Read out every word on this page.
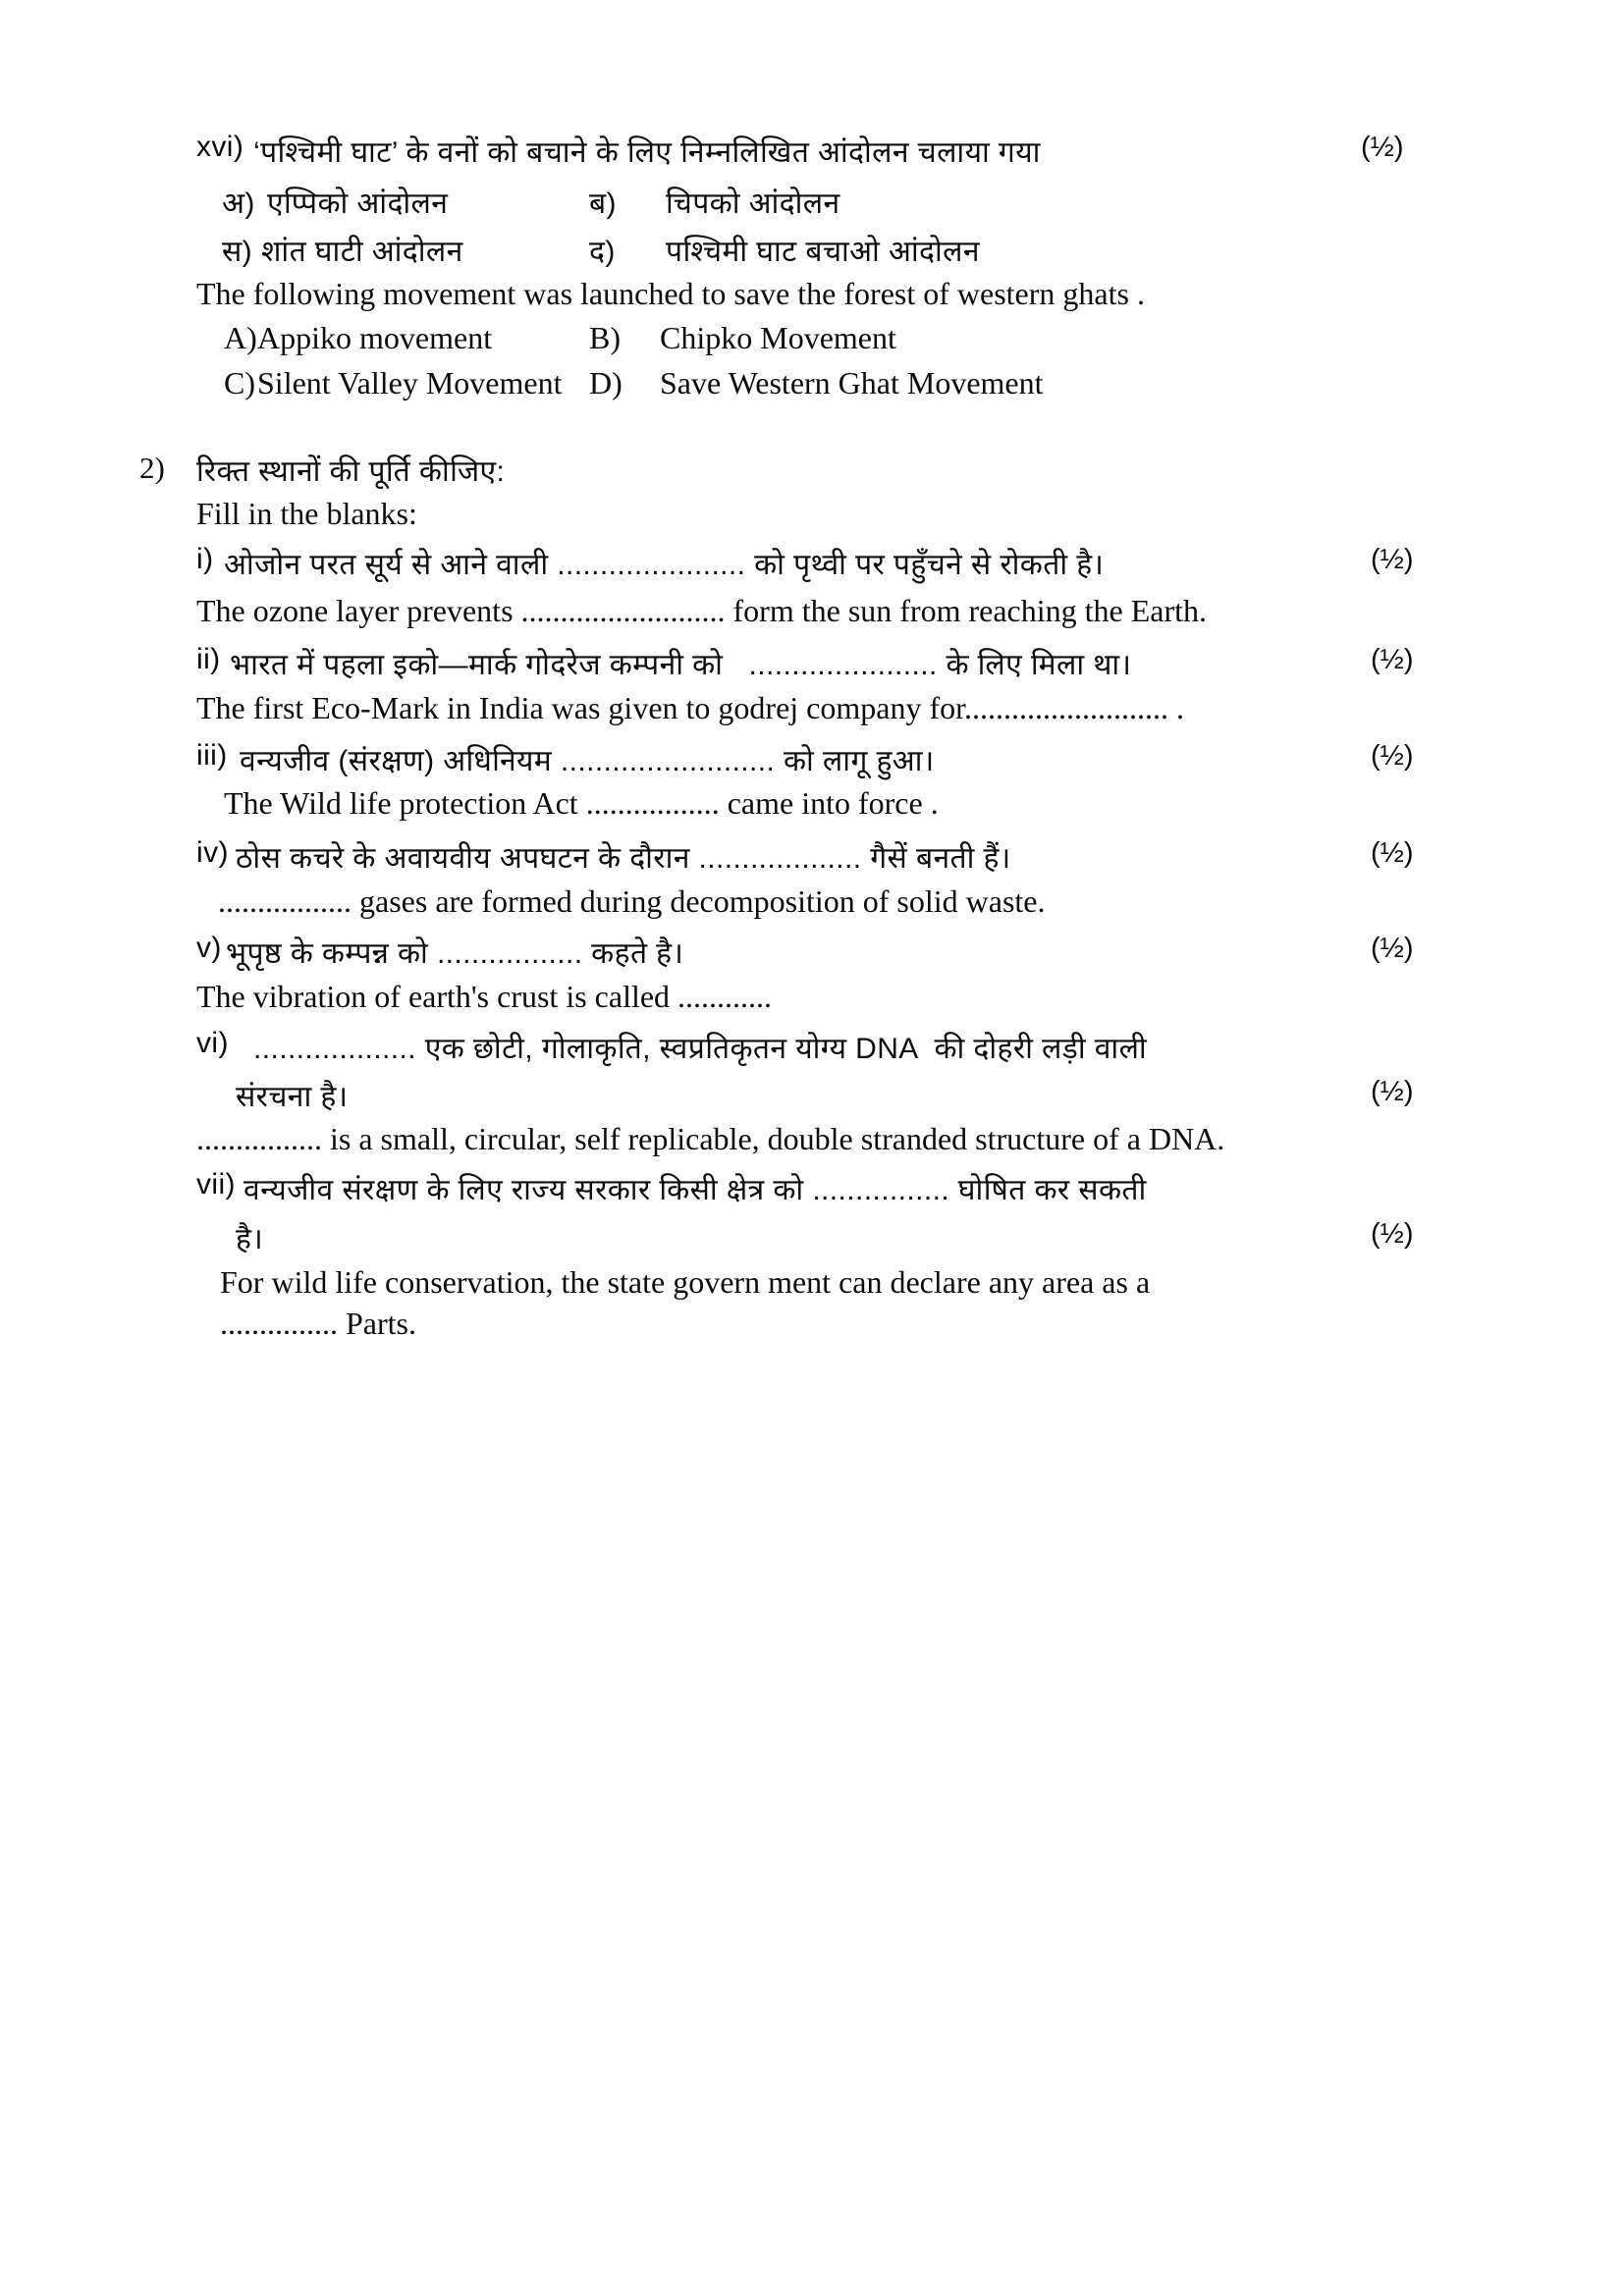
xvi) ‘पश्चिमी घाट’ के वनों को बचाने के लिए निम्नलिखित आंदोलन चलाया गया	(½)
अ) एप्पिको आंदोलन	ब) चिपको आंदोलन
स) शांत घाटी आंदोलन	द) पश्चिमी घाट बचाओ आंदोलन
The following movement was launched to save the forest of western ghats .
A) Appiko movement	B) Chipko Movement
C) Silent Valley Movement D) Save Western Ghat Movement
2) रिक्त स्थानों की पूर्ति कीजिए:
Fill in the blanks:
i) ओजोन परत सूर्य से आने वाली ...................... को पृथ्वी पर पहुँचने से रोकती है।	(½)
The ozone layer prevents .......................... form the sun from reaching the Earth.
ii) भारत में पहला इको—मार्क गोदरेज कम्पनी को   ...................... के लिए मिला था।	(½)
The first Eco-Mark in India was given to godrej company for.......................... .
iii) वन्यजीव (संरक्षण) अधिनियम ......................... को लागू हुआ।	(½)
The Wild life protection Act ................. came into force .
iv) ठोस कचरे के अवायवीय अपघटन के दौरान ................... गैसें बनती हैं।	(½)
................. gases are formed during decomposition of solid waste.
v) भूपृष्ठ के कम्पन्न को ................. कहते है।	(½)
The vibration of earth's crust is called ............
vi) ................... एक छोटी, गोलाकृति, स्वप्रतिकृतन योग्य DNA  की दोहरी लड़ी वाली
संरचना है।	(½)
................ is a small, circular, self replicable, double stranded structure of a DNA.
vii) वन्यजीव संरक्षण के लिए राज्य सरकार किसी क्षेत्र को ................ घोषित कर सकती
है।	(½)
For wild life conservation, the state govern ment can declare any area as a
............... Parts.
